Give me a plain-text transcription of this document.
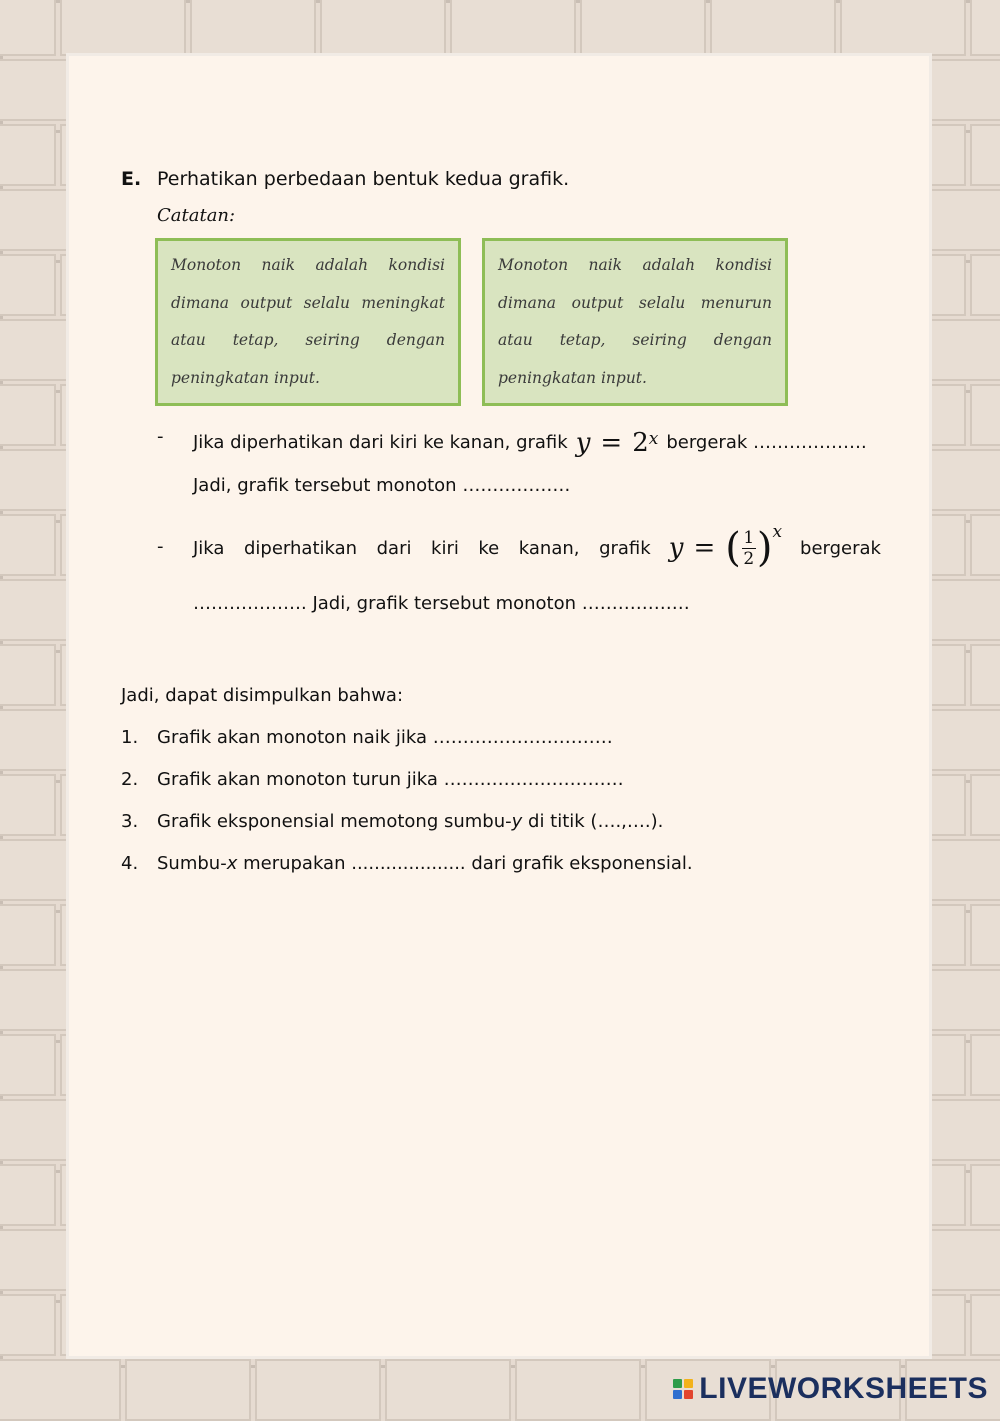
E. Perhatikan perbedaan bentuk kedua grafik.
Catatan:
Monoton naik adalah kondisi dimana output selalu meningkat atau tetap, seiring dengan peningkatan input.
Monoton naik adalah kondisi dimana output selalu menurun atau tetap, seiring dengan peningkatan input.
-	Jika diperhatikan dari kiri ke kanan, grafik $y = 2^x$ bergerak ……………….
Jadi, grafik tersebut monoton ………………
-	Jika diperhatikan dari kiri ke kanan, grafik y = ( $\frac{1}{2} )^x$
bergerak
………………. Jadi, grafik tersebut monoton ………………
Jadi, dapat disimpulkan bahwa:
1.	Grafik akan monoton naik jika …………………………
2.	Grafik akan monoton turun jika …………………………
3.	Grafik eksponensial memotong sumbu-y di titik (….,….).
4.	Sumbu-x merupakan .................... dari grafik eksponensial.
LIVEWORKSHEETS
